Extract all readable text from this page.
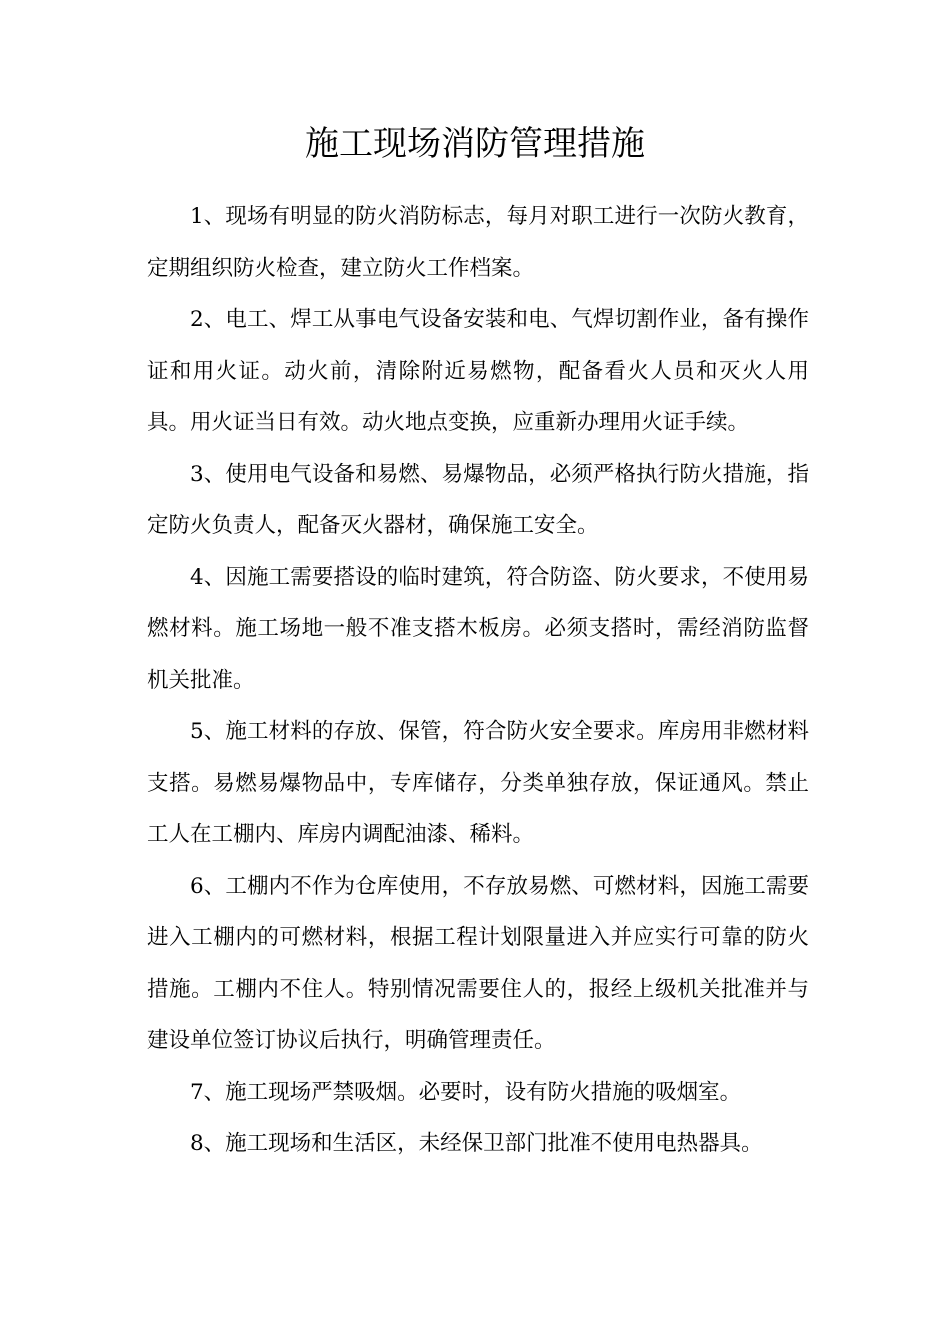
施工现场消防管理措施

1、现场有明显的防火消防标志，每月对职工进行一次防火教育，定期组织防火检查，建立防火工作档案。

2、电工、焊工从事电气设备安装和电、气焊切割作业，备有操作证和用火证。动火前，清除附近易燃物，配备看火人员和灭火人用具。用火证当日有效。动火地点变换，应重新办理用火证手续。

3、使用电气设备和易燃、易爆物品，必须严格执行防火措施，指定防火负责人，配备灭火器材，确保施工安全。

4、因施工需要搭设的临时建筑，符合防盗、防火要求，不使用易燃材料。施工场地一般不准支搭木板房。必须支搭时，需经消防监督机关批准。

5、施工材料的存放、保管，符合防火安全要求。库房用非燃材料支搭。易燃易爆物品中，专库储存，分类单独存放，保证通风。禁止工人在工棚内、库房内调配油漆、稀料。

6、工棚内不作为仓库使用，不存放易燃、可燃材料，因施工需要进入工棚内的可燃材料，根据工程计划限量进入并应实行可靠的防火措施。工棚内不住人。特别情况需要住人的，报经上级机关批准并与建设单位签订协议后执行，明确管理责任。

7、施工现场严禁吸烟。必要时，设有防火措施的吸烟室。

8、施工现场和生活区，未经保卫部门批准不使用电热器具。
